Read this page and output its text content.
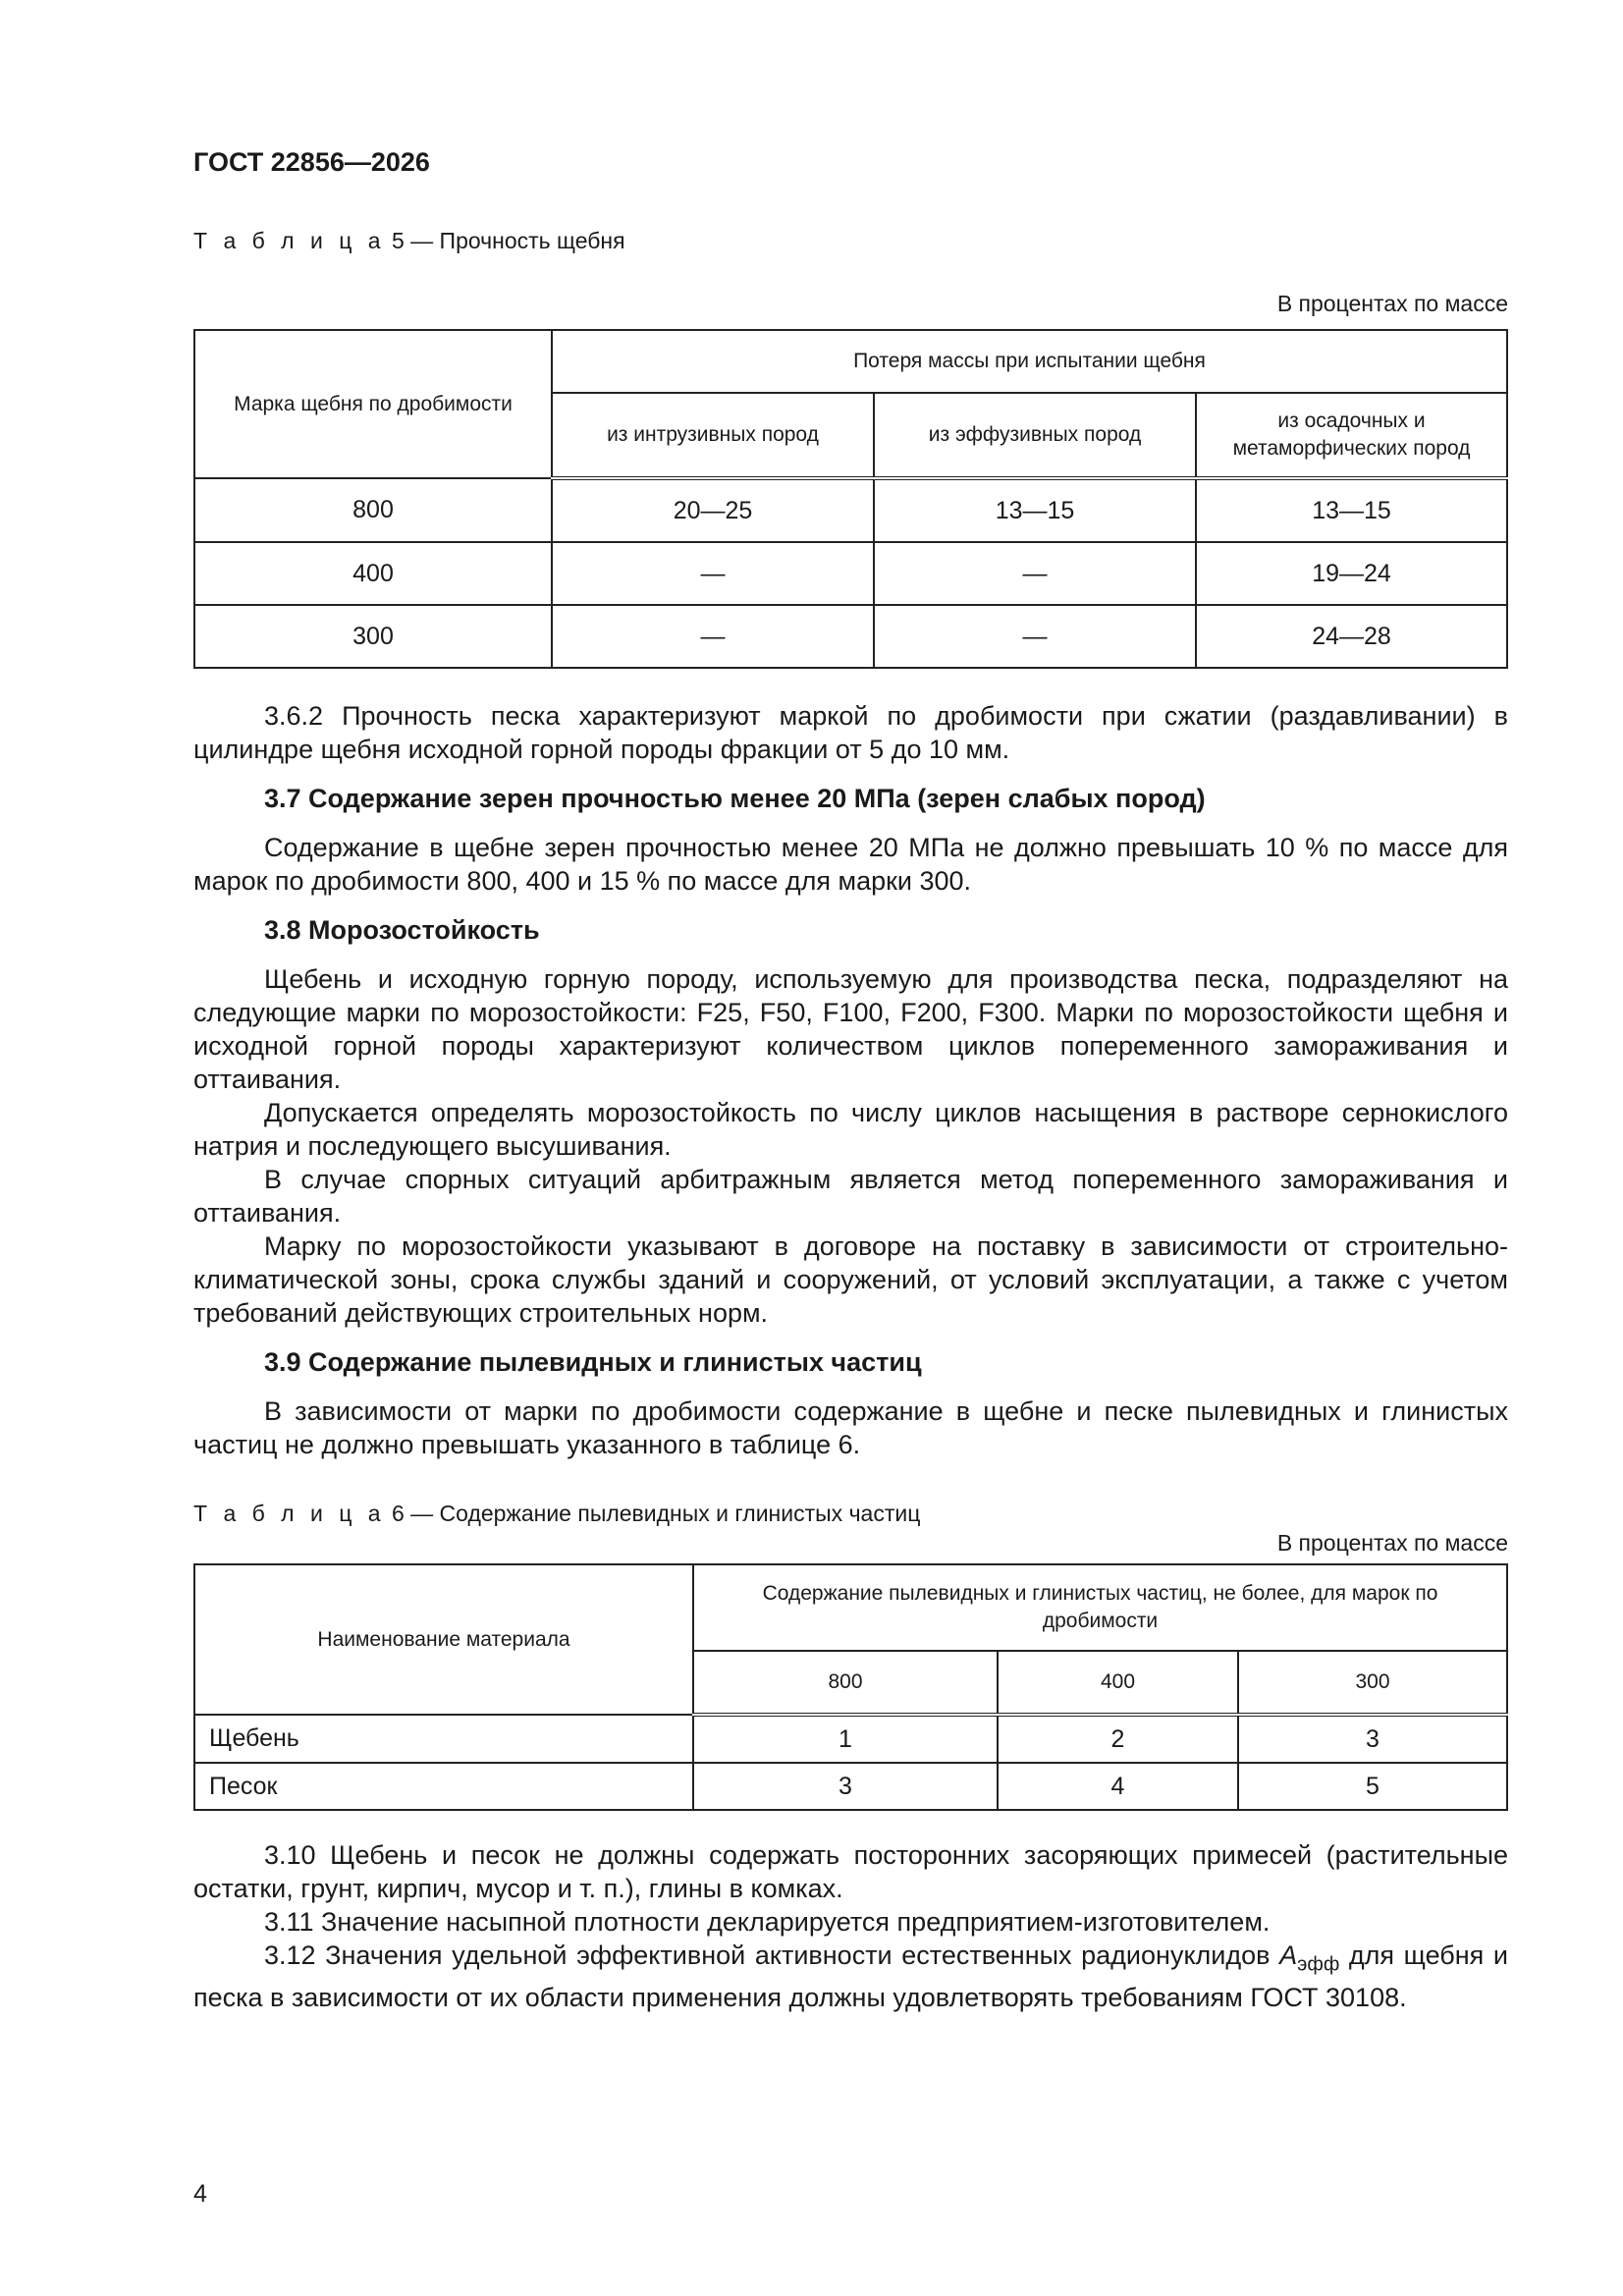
ГОСТ 22856—2026
Т а б л и ц а 5 — Прочность щебня
В процентах по массе
Марка щебня по дробимости	Потеря массы при испытании щебня		
	из интрузивных пород	из эффузивных пород	из осадочных и метаморфических пород
800	20—25	13—15	13—15
400	—	—	19—24
300	—	—	24—28

3.6.2 Прочность песка характеризуют маркой по дробимости при сжатии (раздавливании) в цилиндре щебня исходной горной породы фракции от 5 до 10 мм.

3.7 Содержание зерен прочностью менее 20 МПа (зерен слабых пород)

Содержание в щебне зерен прочностью менее 20 МПа не должно превышать 10 % по массе для марок по дробимости 800, 400 и 15 % по массе для марки 300.

3.8 Морозостойкость

Щебень и исходную горную породу, используемую для производства песка, подразделяют на следующие марки по морозостойкости: F25, F50, F100, F200, F300. Марки по морозостойкости щебня и исходной горной породы характеризуют количеством циклов попеременного замораживания и оттаивания.

Допускается определять морозостойкость по числу циклов насыщения в растворе сернокислого натрия и последующего высушивания.

В случае спорных ситуаций арбитражным является метод попеременного замораживания и оттаивания.

Марку по морозостойкости указывают в договоре на поставку в зависимости от строительно-климатической зоны, срока службы зданий и сооружений, от условий эксплуатации, а также с учетом требований действующих строительных норм.

3.9 Содержание пылевидных и глинистых частиц

В зависимости от марки по дробимости содержание в щебне и песке пылевидных и глинистых частиц не должно превышать указанного в таблице 6.

Т а б л и ц а 6 — Содержание пылевидных и глинистых частиц
В процентах по массе
Наименование материала	Содержание пылевидных и глинистых частиц, не более, для марок по дробимости		
	800	400	300
Щебень	1	2	3
Песок	3	4	5

3.10 Щебень и песок не должны содержать посторонних засоряющих примесей (растительные остатки, грунт, кирпич, мусор и т. п.), глины в комках.

3.11 Значение насыпной плотности декларируется предприятием-изготовителем.

3.12 Значения удельной эффективной активности естественных радионуклидов $A_{эфф}$ для щебня и песка в зависимости от их области применения должны удовлетворять требованиям ГОСТ 30108.

4
